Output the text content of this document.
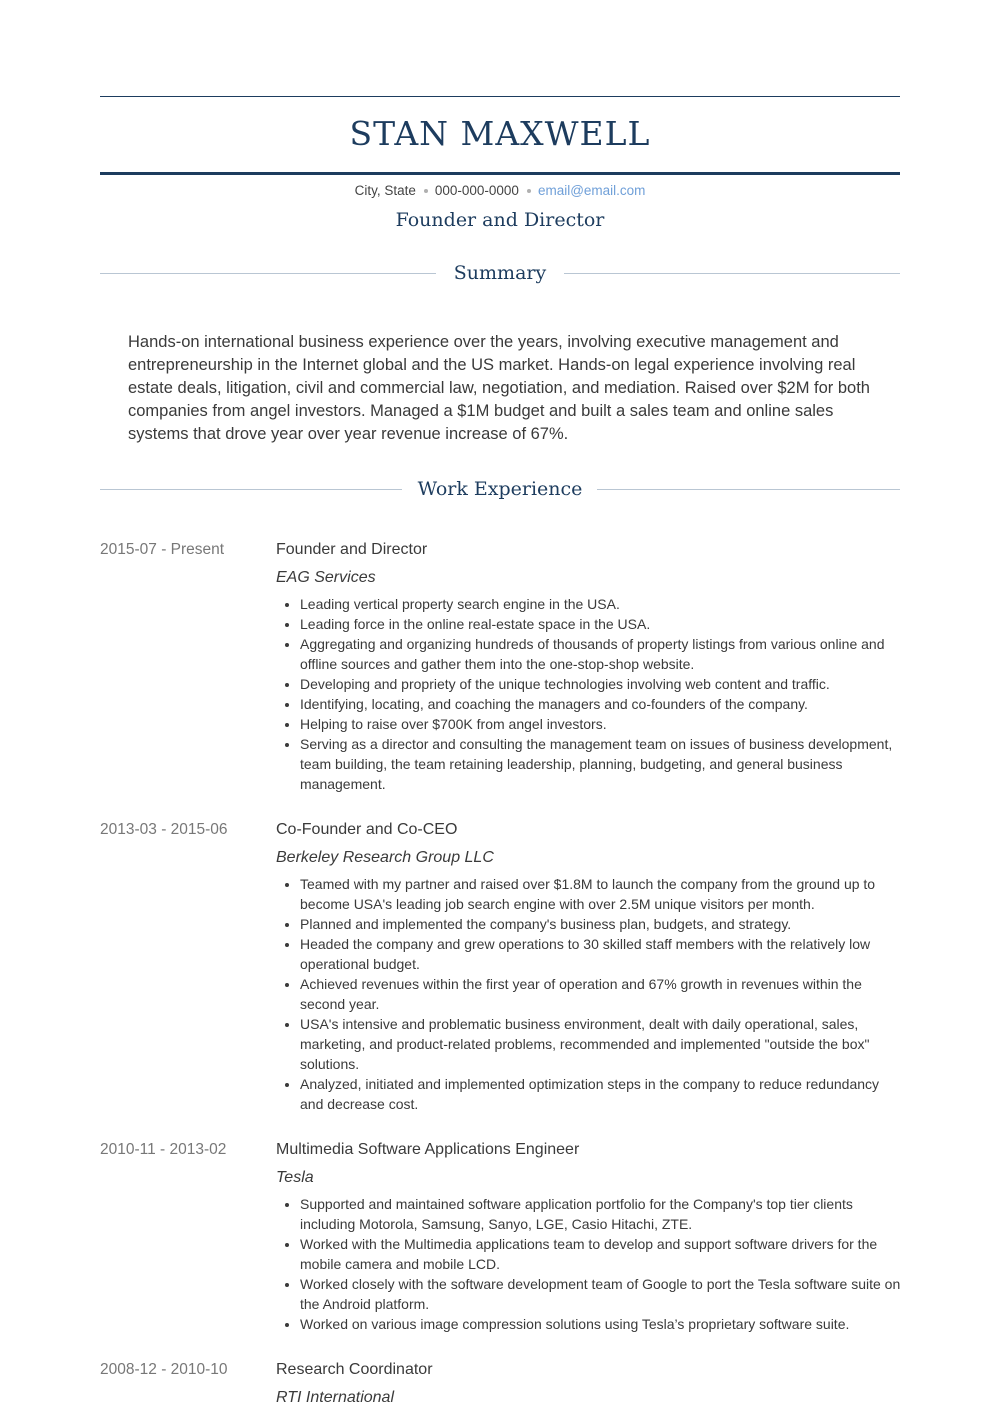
STAN MAXWELL
City, State 000-000-0000 email@email.com
Founder and Director
Summary
Hands-on international business experience over the years, involving executive management and entrepreneurship in the Internet global and the US market. Hands-on legal experience involving real estate deals, litigation, civil and commercial law, negotiation, and mediation. Raised over $2M for both companies from angel investors. Managed a $1M budget and built a sales team and online sales systems that drove year over year revenue increase of 67%.
Work Experience
2015-07 - Present	Founder and Director
EAG Services
• Leading vertical property search engine in the USA.
• Leading force in the online real-estate space in the USA.
• Aggregating and organizing hundreds of thousands of property listings from various online and offline sources and gather them into the one-stop-shop website.
• Developing and propriety of the unique technologies involving web content and traffic.
• Identifying, locating, and coaching the managers and co-founders of the company.
• Helping to raise over $700K from angel investors.
• Serving as a director and consulting the management team on issues of business development, team building, the team retaining leadership, planning, budgeting, and general business management.
2013-03 - 2015-06	Co-Founder and Co-CEO
Berkeley Research Group LLC
• Teamed with my partner and raised over $1.8M to launch the company from the ground up to become USA's leading job search engine with over 2.5M unique visitors per month.
• Planned and implemented the company's business plan, budgets, and strategy.
• Headed the company and grew operations to 30 skilled staff members with the relatively low operational budget.
• Achieved revenues within the first year of operation and 67% growth in revenues within the second year.
• USA's intensive and problematic business environment, dealt with daily operational, sales, marketing, and product-related problems, recommended and implemented "outside the box" solutions.
• Analyzed, initiated and implemented optimization steps in the company to reduce redundancy and decrease cost.
2010-11 - 2013-02	Multimedia Software Applications Engineer
Tesla
• Supported and maintained software application portfolio for the Company's top tier clients including Motorola, Samsung, Sanyo, LGE, Casio Hitachi, ZTE.
• Worked with the Multimedia applications team to develop and support software drivers for the mobile camera and mobile LCD.
• Worked closely with the software development team of Google to port the Tesla software suite on the Android platform.
• Worked on various image compression solutions using Tesla’s proprietary software suite.
2008-12 - 2010-10	Research Coordinator
RTI International
